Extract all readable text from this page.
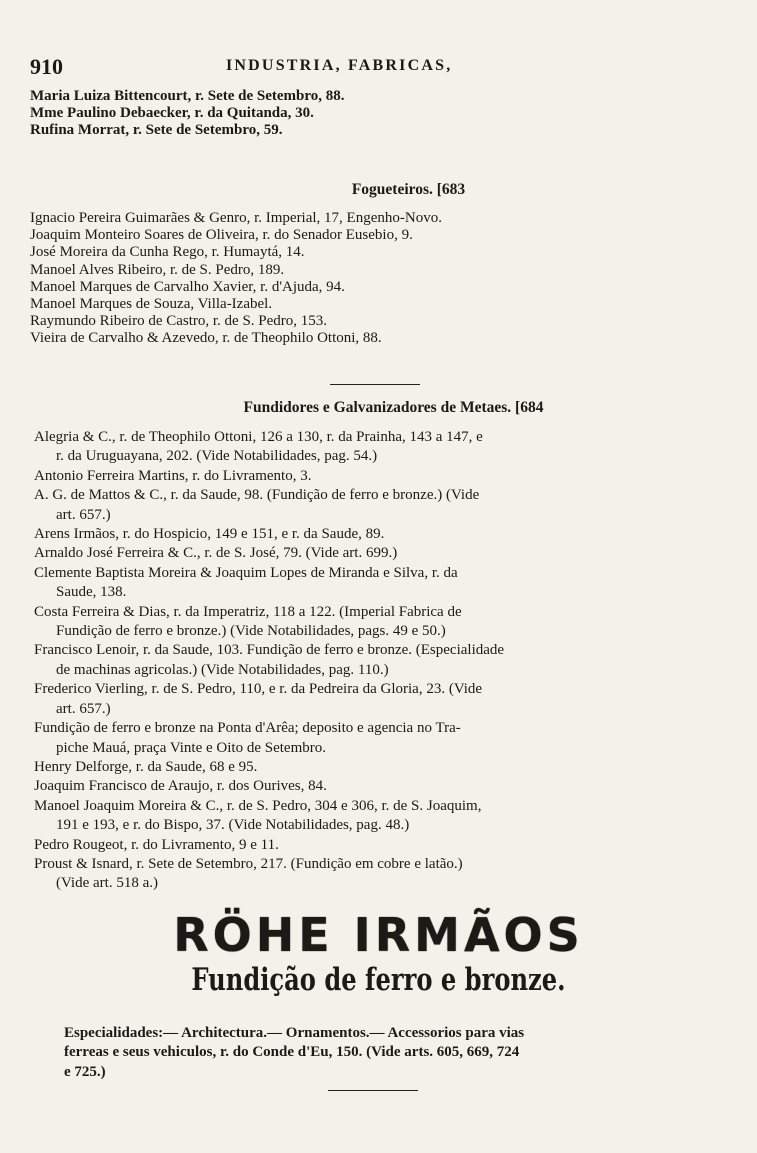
910	INDUSTRIA, FABRICAS,
Maria Luiza Bittencourt, r. Sete de Setembro, 88.
Mme Paulino Debaecker, r. da Quitanda, 30.
Rufina Morrat, r. Sete de Setembro, 59.
Fogueteiros. [683
Ignacio Pereira Guimarães & Genro, r. Imperial, 17, Engenho-Novo.
Joaquim Monteiro Soares de Oliveira, r. do Senador Eusebio, 9.
José Moreira da Cunha Rego, r. Humaytá, 14.
Manoel Alves Ribeiro, r. de S. Pedro, 189.
Manoel Marques de Carvalho Xavier, r. d'Ajuda, 94.
Manoel Marques de Souza, Villa-Izabel.
Raymundo Ribeiro de Castro, r. de S. Pedro, 153.
Vieira de Carvalho & Azevedo, r. de Theophilo Ottoni, 88.
Fundidores e Galvanizadores de Metaes. [684
Alegria & C., r. de Theophilo Ottoni, 126 a 130, r. da Prainha, 143 a 147, e
r. da Uruguayana, 202. (Vide Notabilidades, pag. 54.)
Antonio Ferreira Martins, r. do Livramento, 3.
A. G. de Mattos & C., r. da Saude, 98. (Fundição de ferro e bronze.) (Vide
art. 657.)
Arens Irmãos, r. do Hospicio, 149 e 151, e r. da Saude, 89.
Arnaldo José Ferreira & C., r. de S. José, 79. (Vide art. 699.)
Clemente Baptista Moreira & Joaquim Lopes de Miranda e Silva, r. da
Saude, 138.
Costa Ferreira & Dias, r. da Imperatriz, 118 a 122. (Imperial Fabrica de
Fundição de ferro e bronze.) (Vide Notabilidades, pags. 49 e 50.)
Francisco Lenoir, r. da Saude, 103. Fundição de ferro e bronze. (Especialidade
de machinas agricolas.) (Vide Notabilidades, pag. 110.)
Frederico Vierling, r. de S. Pedro, 110, e r. da Pedreira da Gloria, 23. (Vide
art. 657.)
Fundição de ferro e bronze na Ponta d'Arêa; deposito e agencia no Tra-
piche Mauá, praça Vinte e Oito de Setembro.
Henry Delforge, r. da Saude, 68 e 95.
Joaquim Francisco de Araujo, r. dos Ourives, 84.
Manoel Joaquim Moreira & C., r. de S. Pedro, 304 e 306, r. de S. Joaquim,
191 e 193, e r. do Bispo, 37. (Vide Notabilidades, pag. 48.)
Pedro Rougeot, r. do Livramento, 9 e 11.
Proust & Isnard, r. Sete de Setembro, 217. (Fundição em cobre e latão.)
(Vide art. 518 a.)
RÖHE IRMÃOS
Fundição de ferro e bronze.
Especialidades:— Architectura.— Ornamentos.— Accessorios para vias
ferreas e seus vehiculos, r. do Conde d'Eu, 150. (Vide arts. 605, 669, 724
e 725.)
